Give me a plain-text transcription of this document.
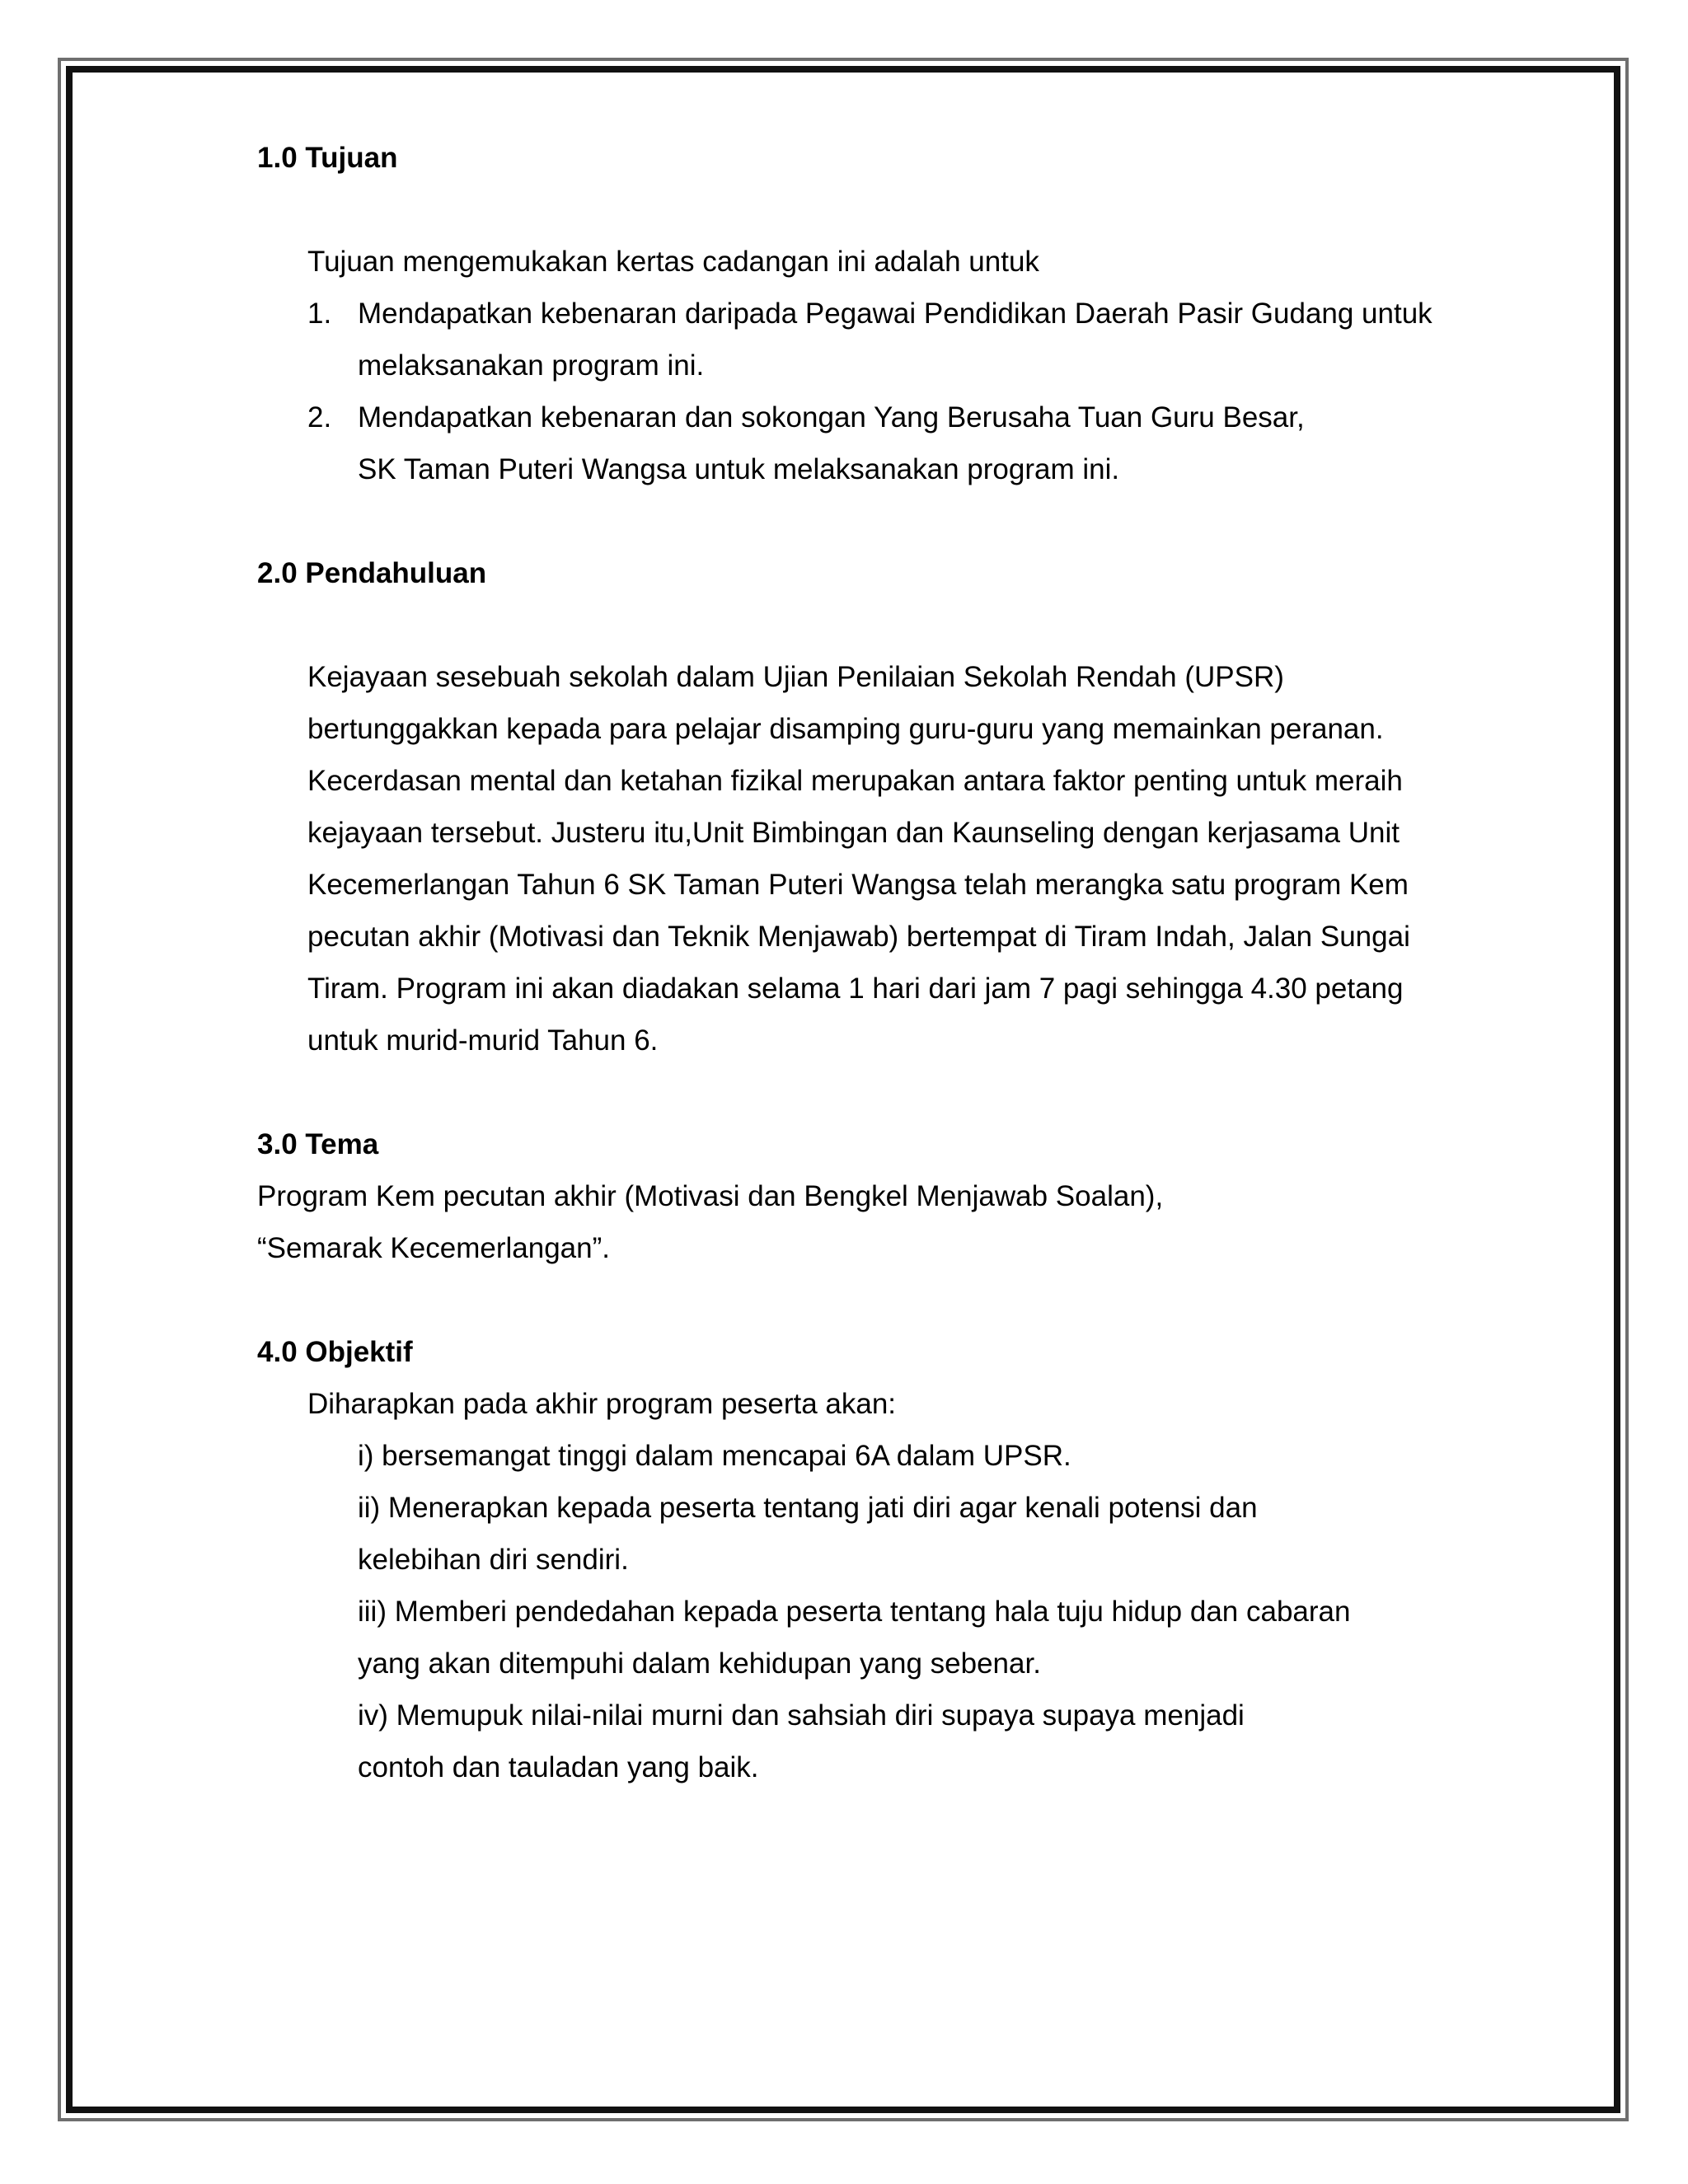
1.0 Tujuan
Tujuan mengemukakan kertas cadangan ini adalah untuk
1. Mendapatkan kebenaran daripada Pegawai Pendidikan Daerah Pasir Gudang untuk
melaksanakan program ini.
2. Mendapatkan kebenaran dan sokongan Yang Berusaha Tuan Guru Besar,
SK Taman Puteri Wangsa untuk melaksanakan program ini.
2.0 Pendahuluan
Kejayaan sesebuah sekolah dalam Ujian Penilaian Sekolah Rendah (UPSR)
bertunggakkan kepada para pelajar disamping guru-guru yang memainkan peranan.
Kecerdasan mental dan ketahan fizikal merupakan antara faktor penting untuk meraih
kejayaan tersebut. Justeru itu,Unit Bimbingan dan Kaunseling dengan kerjasama Unit
Kecemerlangan Tahun 6 SK Taman Puteri Wangsa telah merangka satu program Kem
pecutan akhir (Motivasi dan Teknik Menjawab) bertempat di Tiram Indah, Jalan Sungai
Tiram. Program ini akan diadakan selama 1 hari dari jam 7 pagi sehingga 4.30 petang
untuk murid-murid Tahun 6.
3.0 Tema
Program Kem pecutan akhir (Motivasi dan Bengkel Menjawab Soalan),
“Semarak Kecemerlangan”.
4.0 Objektif
Diharapkan pada akhir program peserta akan:
i) bersemangat tinggi dalam mencapai 6A dalam UPSR.
ii) Menerapkan kepada peserta tentang jati diri agar kenali potensi dan
kelebihan diri sendiri.
iii) Memberi pendedahan kepada peserta tentang hala tuju hidup dan cabaran
yang akan ditempuhi dalam kehidupan yang sebenar.
iv) Memupuk nilai-nilai murni dan sahsiah diri supaya supaya menjadi
contoh dan tauladan yang baik.
